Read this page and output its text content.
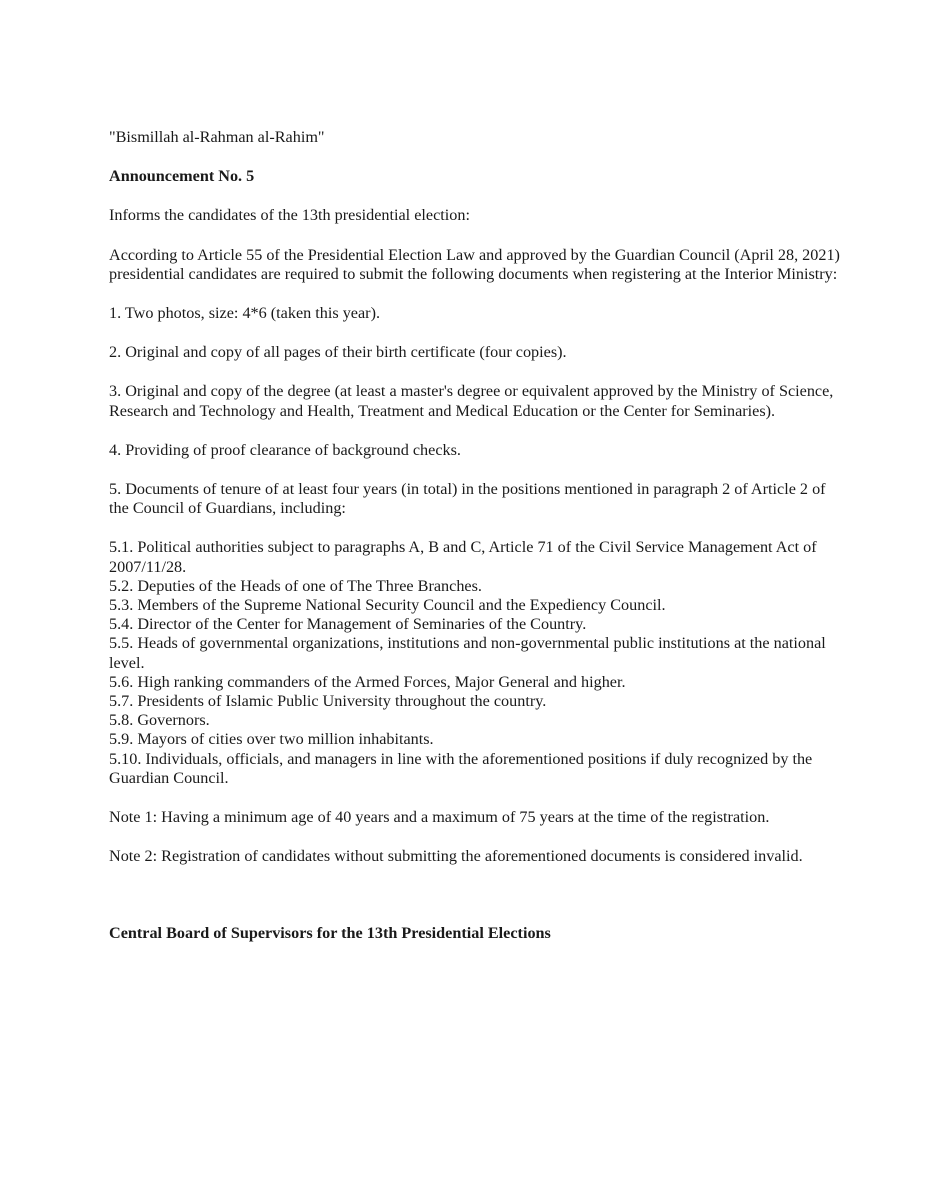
"Bismillah al-Rahman al-Rahim"

Announcement No. 5

Informs the candidates of the 13th presidential election:

According to Article 55 of the Presidential Election Law and approved by the Guardian Council (April 28, 2021) presidential candidates are required to submit the following documents when registering at the Interior Ministry:

1. Two photos, size: 4*6 (taken this year).

2. Original and copy of all pages of their birth certificate (four copies).

3. Original and copy of the degree (at least a master's degree or equivalent approved by the Ministry of Science, Research and Technology and Health, Treatment and Medical Education or the Center for Seminaries).

4. Providing of proof clearance of background checks.

5. Documents of tenure of at least four years (in total) in the positions mentioned in paragraph 2 of Article 2 of the Council of Guardians, including:

5.1. Political authorities subject to paragraphs A, B and C, Article 71 of the Civil Service Management Act of 2007/11/28.

5.2. Deputies of the Heads of one of The Three Branches.

5.3. Members of the Supreme National Security Council and the Expediency Council.

5.4. Director of the Center for Management of Seminaries of the Country.

5.5. Heads of governmental organizations, institutions and non-governmental public institutions at the national level.

5.6. High ranking commanders of the Armed Forces, Major General and higher.

5.7. Presidents of Islamic Public University throughout the country.

5.8. Governors.

5.9. Mayors of cities over two million inhabitants.

5.10. Individuals, officials, and managers in line with the aforementioned positions if duly recognized by the Guardian Council.

Note 1: Having a minimum age of 40 years and a maximum of 75 years at the time of the registration.

Note 2: Registration of candidates without submitting the aforementioned documents is considered invalid.

Central Board of Supervisors for the 13th Presidential Elections
